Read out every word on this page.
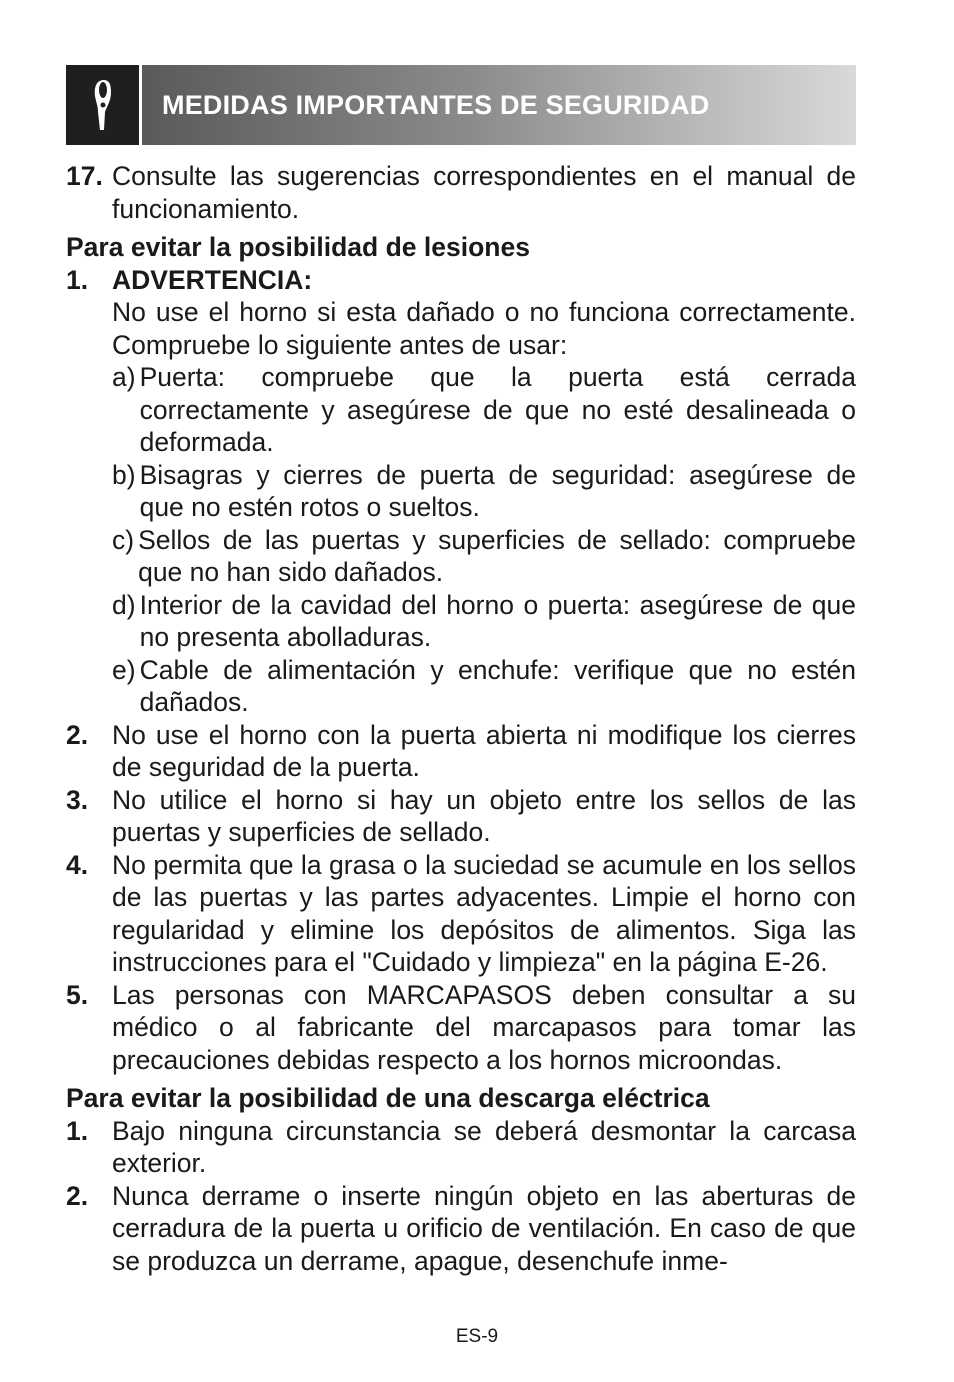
MEDIDAS IMPORTANTES DE SEGURIDAD
17. Consulte las sugerencias correspondientes en el manual de funcionamiento.
Para evitar la posibilidad de lesiones
1. ADVERTENCIA:
No use el horno si esta dañado o no funciona correctamente. Compruebe lo siguiente antes de usar:
a) Puerta: compruebe que la puerta está cerrada correctamente y asegúrese de que no esté desalineada o deformada.
b) Bisagras y cierres de puerta de seguridad: asegúrese de que no estén rotos o sueltos.
c) Sellos de las puertas y superficies de sellado: compruebe que no han sido dañados.
d) Interior de la cavidad del horno o puerta: asegúrese de que no presenta abolladuras.
e) Cable de alimentación y enchufe: verifique que no estén dañados.
2. No use el horno con la puerta abierta ni modifique los cierres de seguridad de la puerta.
3. No utilice el horno si hay un objeto entre los sellos de las puertas y superficies de sellado.
4. No permita que la grasa o la suciedad se acumule en los sellos de las puertas y las partes adyacentes. Limpie el horno con regularidad y elimine los depósitos de alimentos. Siga las instrucciones para el "Cuidado y limpieza" en la página E-26.
5. Las personas con MARCAPASOS deben consultar a su médico o al fabricante del marcapasos para tomar las precauciones debidas respecto a los hornos microondas.
Para evitar la posibilidad de una descarga eléctrica
1. Bajo ninguna circunstancia se deberá desmontar la carcasa exterior.
2. Nunca derrame o inserte ningún objeto en las aberturas de cerradura de la puerta u orificio de ventilación. En caso de que se produzca un derrame, apague, desenchufe inme-
ES-9
